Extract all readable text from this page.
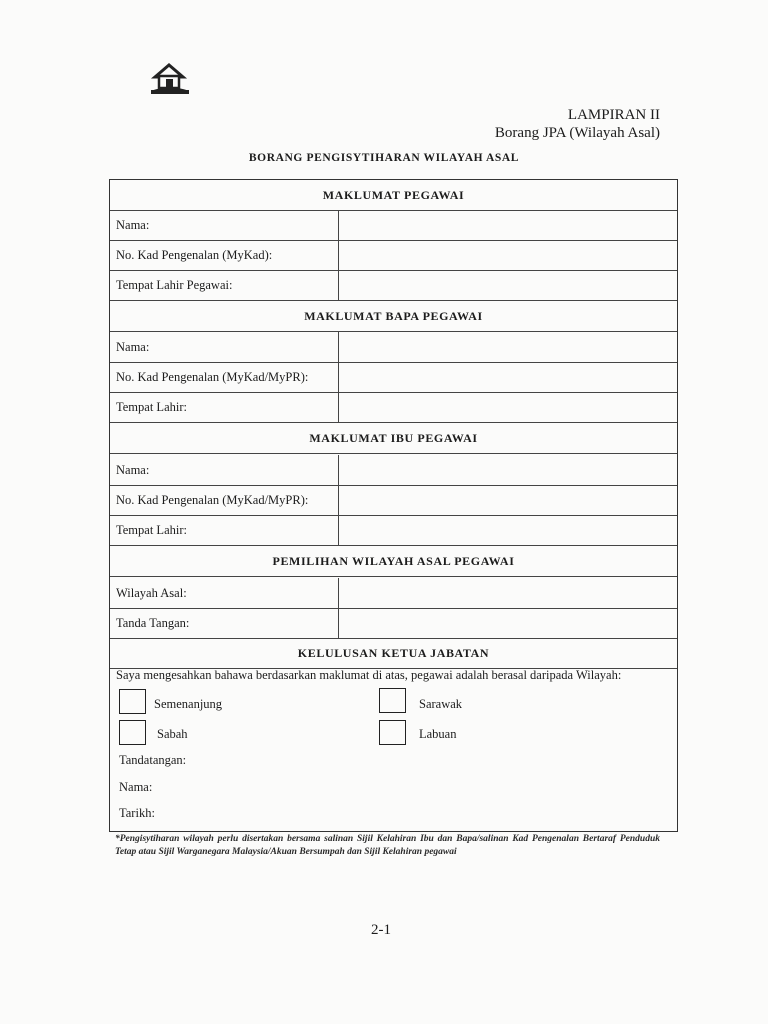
LAMPIRAN II
Borang JPA (Wilayah Asal)
BORANG PENGISYTIHARAN WILAYAH ASAL
MAKLUMAT PEGAWAI
Nama:
No. Kad Pengenalan (MyKad):
Tempat Lahir Pegawai:
MAKLUMAT BAPA PEGAWAI
Nama:
No. Kad Pengenalan (MyKad/MyPR):
Tempat Lahir:
MAKLUMAT IBU PEGAWAI
Nama:
No. Kad Pengenalan (MyKad/MyPR):
Tempat Lahir:
PEMILIHAN WILAYAH ASAL PEGAWAI
Wilayah Asal:
Tanda Tangan:
KELULUSAN KETUA JABATAN
Saya mengesahkan bahawa berdasarkan maklumat di atas, pegawai adalah berasal daripada Wilayah:
Semenanjung	Sarawak
Sabah	Labuan
Tandatangan:
Nama:
Tarikh:
*Pengisytiharan wilayah perlu disertakan bersama salinan Sijil Kelahiran Ibu dan Bapa/salinan Kad Pengenalan Bertaraf Penduduk Tetap atau Sijil Warganegara Malaysia/Akuan Bersumpah dan Sijil Kelahiran pegawai
2-1
